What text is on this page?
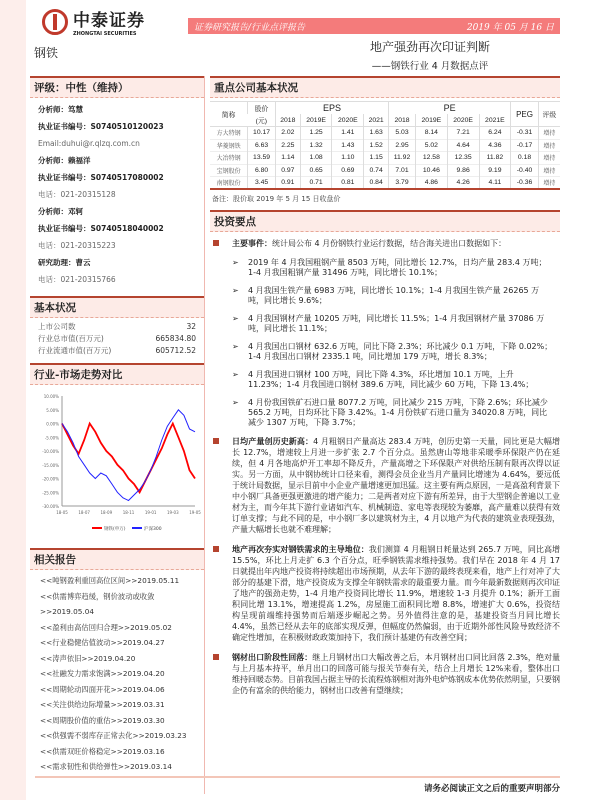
中泰证券
ZHONGTAI SECURITIES
证券研究报告/行业点评报告	2019 年 05 月 16 日
钢铁	地产强劲再次印证判断
——钢铁行业 4 月数据点评
评级：中性（维持）
分析师：笃慧
执业证书编号：S0740510120023
Email:duhui@r.qlzq.com.cn
分析师：赖福洋
执业证书编号：S0740517080002
电话：021-20315128
分析师：邓轲
执业证书编号：S0740518040002
电话：021-20315223
研究助理：曹云
电话：021-20315766
基本状况
上市公司数	32
行业总市值(百万元)	665834.80
行业流通市值(百万元)	605712.52
行业-市场走势对比
10.00%
5.00%
0.00%
-5.00%
-10.00%
-15.00%
-20.00%
-25.00%
-30.00%
18-05	18-07	18-09	18-11	19-01	19-03	19-05
钢铁(申万)	沪深300
相关报告
<<吨钢盈利重回高位区间>>2019.05.11
<<供需博弈趋缓，钢价波动或收敛>>2019.05.04
<<盈利由高估回归合理>>2019.05.02
<<行业稳健估值波动>>2019.04.27
<<涛声依旧>>2019.04.20
<<社融发力需求饱满>>2019.04.20
<<周期轮动四面开花>>2019.04.06
<<关注供给边际增量>>2019.03.31
<<周期股价值的重估>>2019.03.30
<<供强需不弱库存正常去化>>2019.03.23
<<供需双旺价格稳定>>2019.03.16
<<需求韧性和供给弹性>>2019.03.14
重点公司基本状况
简称	股价	EPS				PE				PEG	评级
	(元)	2018	2019E	2020E	2021	2018	2019E	2020E	2021E		
方大特钢	10.17	2.02	1.25	1.41	1.63	5.03	8.14	7.21	6.24	-0.31	增持
华菱钢铁	6.63	2.25	1.32	1.43	1.52	2.95	5.02	4.64	4.36	-0.17	增持
大冶特钢	13.59	1.14	1.08	1.10	1.15	11.92	12.58	12.35	11.82	0.18	增持
宝钢股份	6.80	0.97	0.65	0.69	0.74	7.01	10.46	9.86	9.19	-0.40	增持
南钢股份	3.45	0.91	0.71	0.81	0.84	3.79	4.86	4.26	4.11	-0.36	增持
备注：股价取 2019 年 5 月 15 日收盘价
投资要点
主要事件：统计局公布 4 月份钢铁行业运行数据，结合海关进出口数据如下：
➢ 2019 年 4 月我国粗钢产量 8503 万吨，同比增长 12.7%，日均产量 283.4 万吨；1-4 月我国粗钢产量 31496 万吨，同比增长 10.1%；
➢ 4 月我国生铁产量 6983 万吨，同比增长 10.1%；1-4 月我国生铁产量 26265 万吨，同比增长 9.6%；
➢ 4 月我国钢材产量 10205 万吨，同比增长 11.5%；1-4 月我国钢材产量 37086 万吨，同比增长 11.1%；
➢ 4 月我国出口钢材 632.6 万吨，同比下降 2.3%；环比减少 0.1 万吨，下降 0.02%；1-4 月我国出口钢材 2335.1 吨，同比增加 179 万吨，增长 8.3%；
➢ 4 月我国进口钢材 100 万吨，同比下降 4.3%，环比增加 10.1 万吨，上升 11.23%；1-4 月我国进口钢材 389.6 万吨，同比减少 60 万吨，下降 13.4%；
➢ 4 月份我国铁矿石进口量 8077.2 万吨，同比减少 215 万吨，下降 2.6%；环比减少 565.2 万吨，日均环比下降 3.42%。1-4 月份铁矿石进口量为 34020.8 万吨，同比减少 1307 万吨，下降 3.7%；
日均产量创历史新高：4 月粗钢日产量高达 283.4 万吨，创历史第一天量，同比更是大幅增长 12.7%，增速较上月进一步扩张 2.7 个百分点。虽然唐山等地非采暖季环保限产仍在延续，但 4 月各地高炉开工率却不降反升，产量高增之下环保限产对供给压制有限再次得以证实。另一方面，从中钢协统计口径来看，测得会员企业当月产量同比增速为 4.64%，要远低于统计局数据，显示目前中小企业产量增速更加迅猛。这主要有两点原因，一是高盈利背景下中小钢厂具备更强更激进的增产能力；二是两者对应下游有所差异，由于大型钢企普遍以工业材为主，而今年其下游行业诸如汽车、机械制造、家电等表现较为萎靡，高产量难以获得有效订单支撑；与此不同的是，中小钢厂多以建筑材为主，4 月以地产为代表的建筑业表现强劲，产量大幅增长也就不难理解；
地产再次夯实对钢铁需求的主导地位：我们测算 4 月粗钢日耗量达到 265.7 万吨，同比高增 15.5%，环比上月走扩 6.3 个百分点，旺季钢铁需求维持强势。我们早在 2018 年 4 月 17 日就提出年内地产投资将持续超出市场预期，从去年下游的最终表现来看，地产上行对冲了大部分的基建下滑，地产投资成为支撑全年钢铁需求的最重要力量。而今年最新数据则再次印证了地产的强劲走势，1-4 月地产投资同比增长 11.9%，增速较 1-3 月提升 0.1%；新开工面积同比增 13.1%，增速提高 1.2%，房屋施工面积同比增 8.8%，增速扩大 0.6%，投资结构呈现前端维持强势而后端逐步崛起之势。另外值得注意的是，基建投资当月同比增长 4.4%，虽然已经从去年的底部实现反弹，但幅度仍然偏弱，由于近期外部性风险导致经济不确定性增加，在积极财政政策加持下，我们预计基建仍有改善空间；
钢材出口阶段性回落：继上月钢材出口大幅改善之后，本月钢材出口同比回落 2.3%，绝对量与上月基本持平，单月出口的回落可能与报关节奏有关，结合上月增长 12%来看，整体出口维持回暖态势。目前我国占据主导的长流程炼钢相对海外电炉炼钢成本优势依然明显，只要钢企仍有富余的供给能力，钢材出口改善有望继续；
请务必阅读正文之后的重要声明部分
